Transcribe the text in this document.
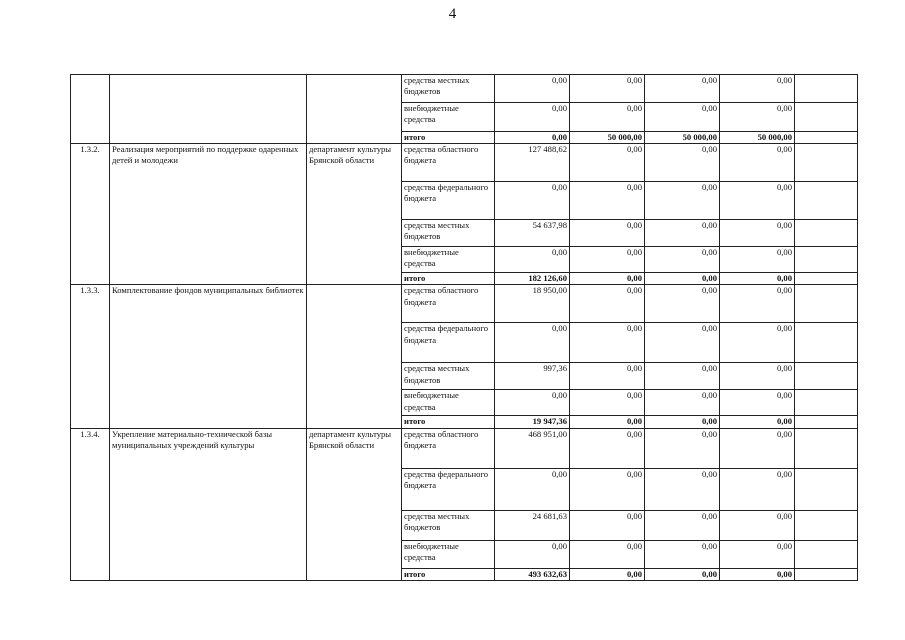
4
			средства местных бюджетов	0,00	0,00	0,00	0,00	
			внебюджетные средства	0,00	0,00	0,00	0,00	
			итого	0,00	50 000,00	50 000,00	50 000,00	
1.3.2.	Реализация мероприятий по поддержке одаренных детей и молодежи	департамент культуры Брянской области	средства областного бюджета	127 488,62	0,00	0,00	0,00	
			средства федерального бюджета	0,00	0,00	0,00	0,00	
			средства местных бюджетов	54 637,98	0,00	0,00	0,00	
			внебюджетные средства	0,00	0,00	0,00	0,00	
			итого	182 126,60	0,00	0,00	0,00	
1.3.3.	Комплектование фондов муниципальных библиотек		средства областного бюджета	18 950,00	0,00	0,00	0,00	
			средства федерального бюджета	0,00	0,00	0,00	0,00	
			средства местных бюджетов	997,36	0,00	0,00	0,00	
			внебюджетные средства	0,00	0,00	0,00	0,00	
			итого	19 947,36	0,00	0,00	0,00	
1.3.4.	Укрепление материально-технической базы муниципальных учреждений культуры	департамент культуры Брянской области	средства областного бюджета	468 951,00	0,00	0,00	0,00	
			средства федерального бюджета	0,00	0,00	0,00	0,00	
			средства местных бюджетов	24 681,63	0,00	0,00	0,00	
			внебюджетные средства	0,00	0,00	0,00	0,00	
			итого	493 632,63	0,00	0,00	0,00	
